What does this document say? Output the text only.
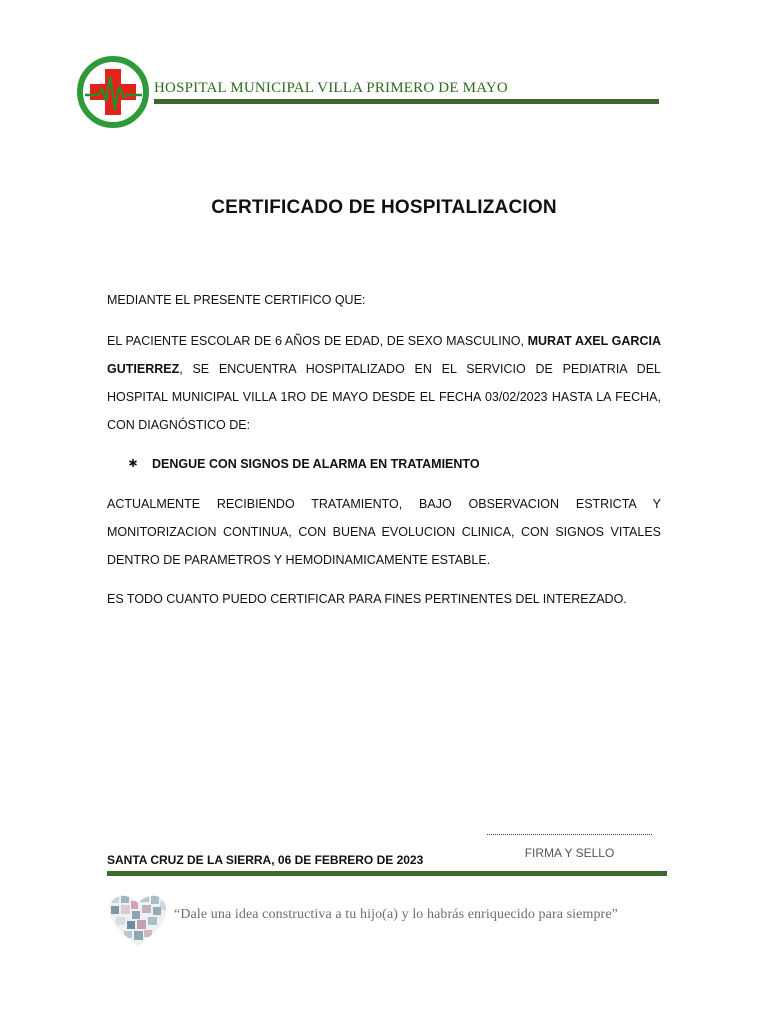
HOSPITAL MUNICIPAL VILLA PRIMERO DE MAYO
CERTIFICADO DE HOSPITALIZACION
MEDIANTE EL PRESENTE CERTIFICO QUE:
EL PACIENTE ESCOLAR DE 6 AÑOS DE EDAD, DE SEXO MASCULINO, MURAT AXEL GARCIA GUTIERREZ, SE ENCUENTRA HOSPITALIZADO EN EL SERVICIO DE PEDIATRIA DEL HOSPITAL MUNICIPAL VILLA 1RO DE MAYO DESDE EL FECHA 03/02/2023 HASTA LA FECHA, CON DIAGNÓSTICO DE:
DENGUE CON SIGNOS DE ALARMA EN TRATAMIENTO
ACTUALMENTE RECIBIENDO TRATAMIENTO, BAJO OBSERVACION ESTRICTA Y MONITORIZACION CONTINUA, CON BUENA EVOLUCION CLINICA, CON SIGNOS VITALES DENTRO DE PARAMETROS Y HEMODINAMICAMENTE ESTABLE.
ES TODO CUANTO PUEDO CERTIFICAR PARA FINES PERTINENTES DEL INTEREZADO.
FIRMA Y SELLO
SANTA CRUZ DE LA SIERRA, 06 DE FEBRERO DE 2023
“Dale una idea constructiva a tu hijo(a) y lo habrás enriquecido para siempre”
